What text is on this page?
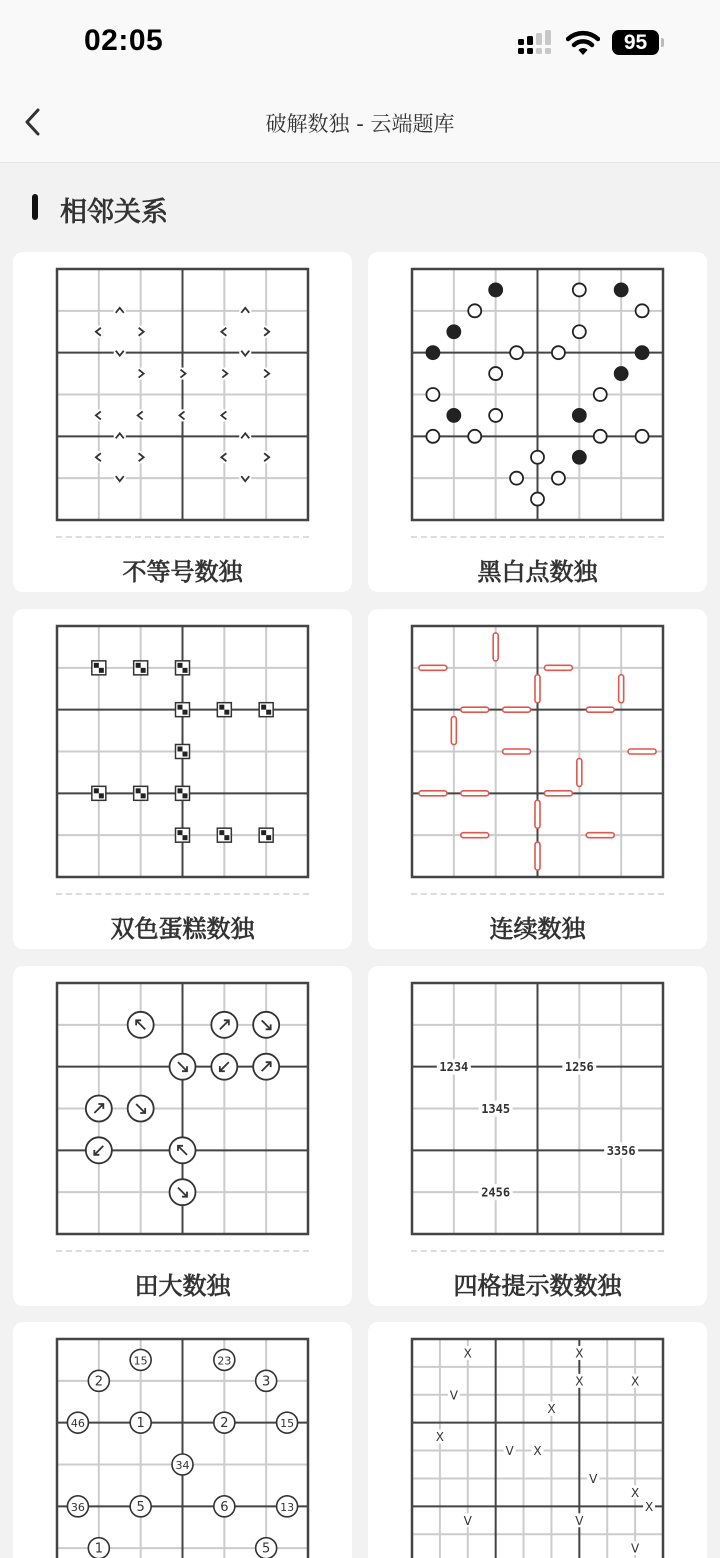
02:05	95
破解数独 - 云端题库
相邻关系
不等号数独	黑白点数独
双色蛋糕数独	连续数独
田大数独
1234	1256
1345
3356
2456
四格提示数数独
15	23
2	3
46	1	2	15
34
36	5	6	13
1	5
X	X
X	X
V
X
X
V X
V
X
X
V	V
V
